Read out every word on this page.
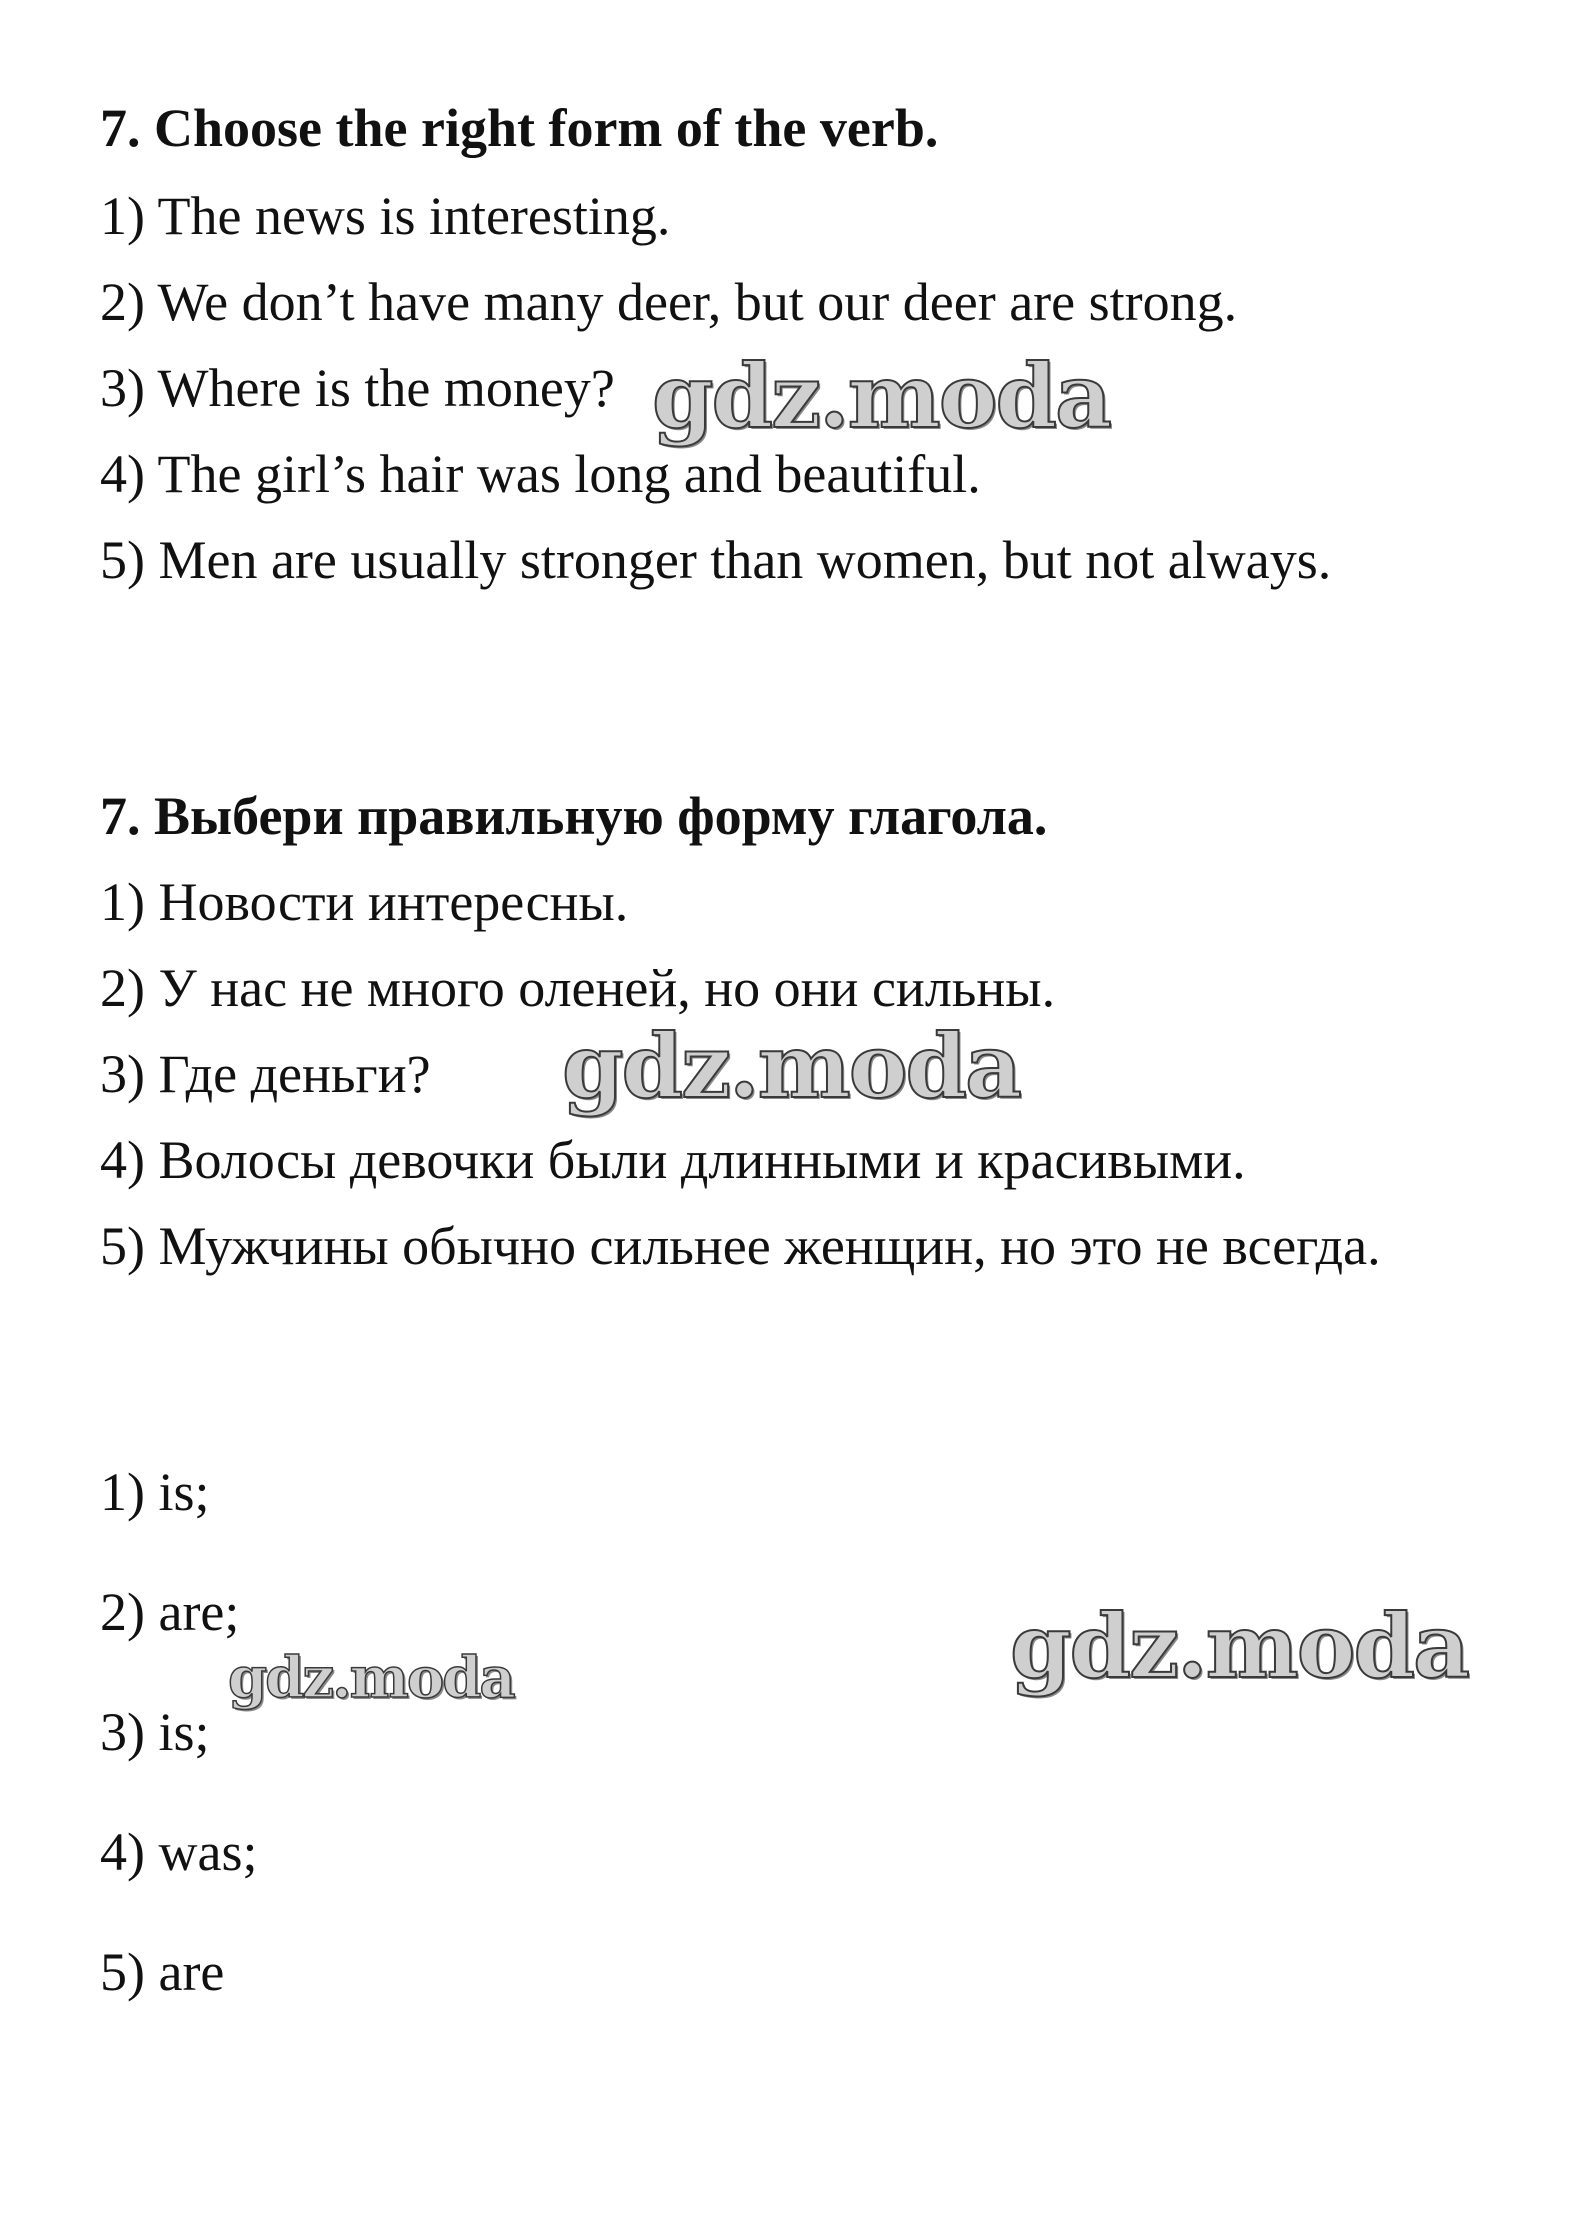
7. Choose the right form of the verb.
1) The news is interesting.
2) We don’t have many deer, but our deer are strong.
3) Where is the money?
4) The girl’s hair was long and beautiful.
5) Men are usually stronger than women, but not always.
7. Выбери правильную форму глагола.
1) Новости интересны.
2) У нас не много оленей, но они сильны.
3) Где деньги?
4) Волосы девочки были длинными и красивыми.
5) Мужчины обычно сильнее женщин, но это не всегда.
1) is;
2) are;
3) is;
4) was;
5) are
gdz.moda
gdz.moda
gdz.moda
gdz.moda
